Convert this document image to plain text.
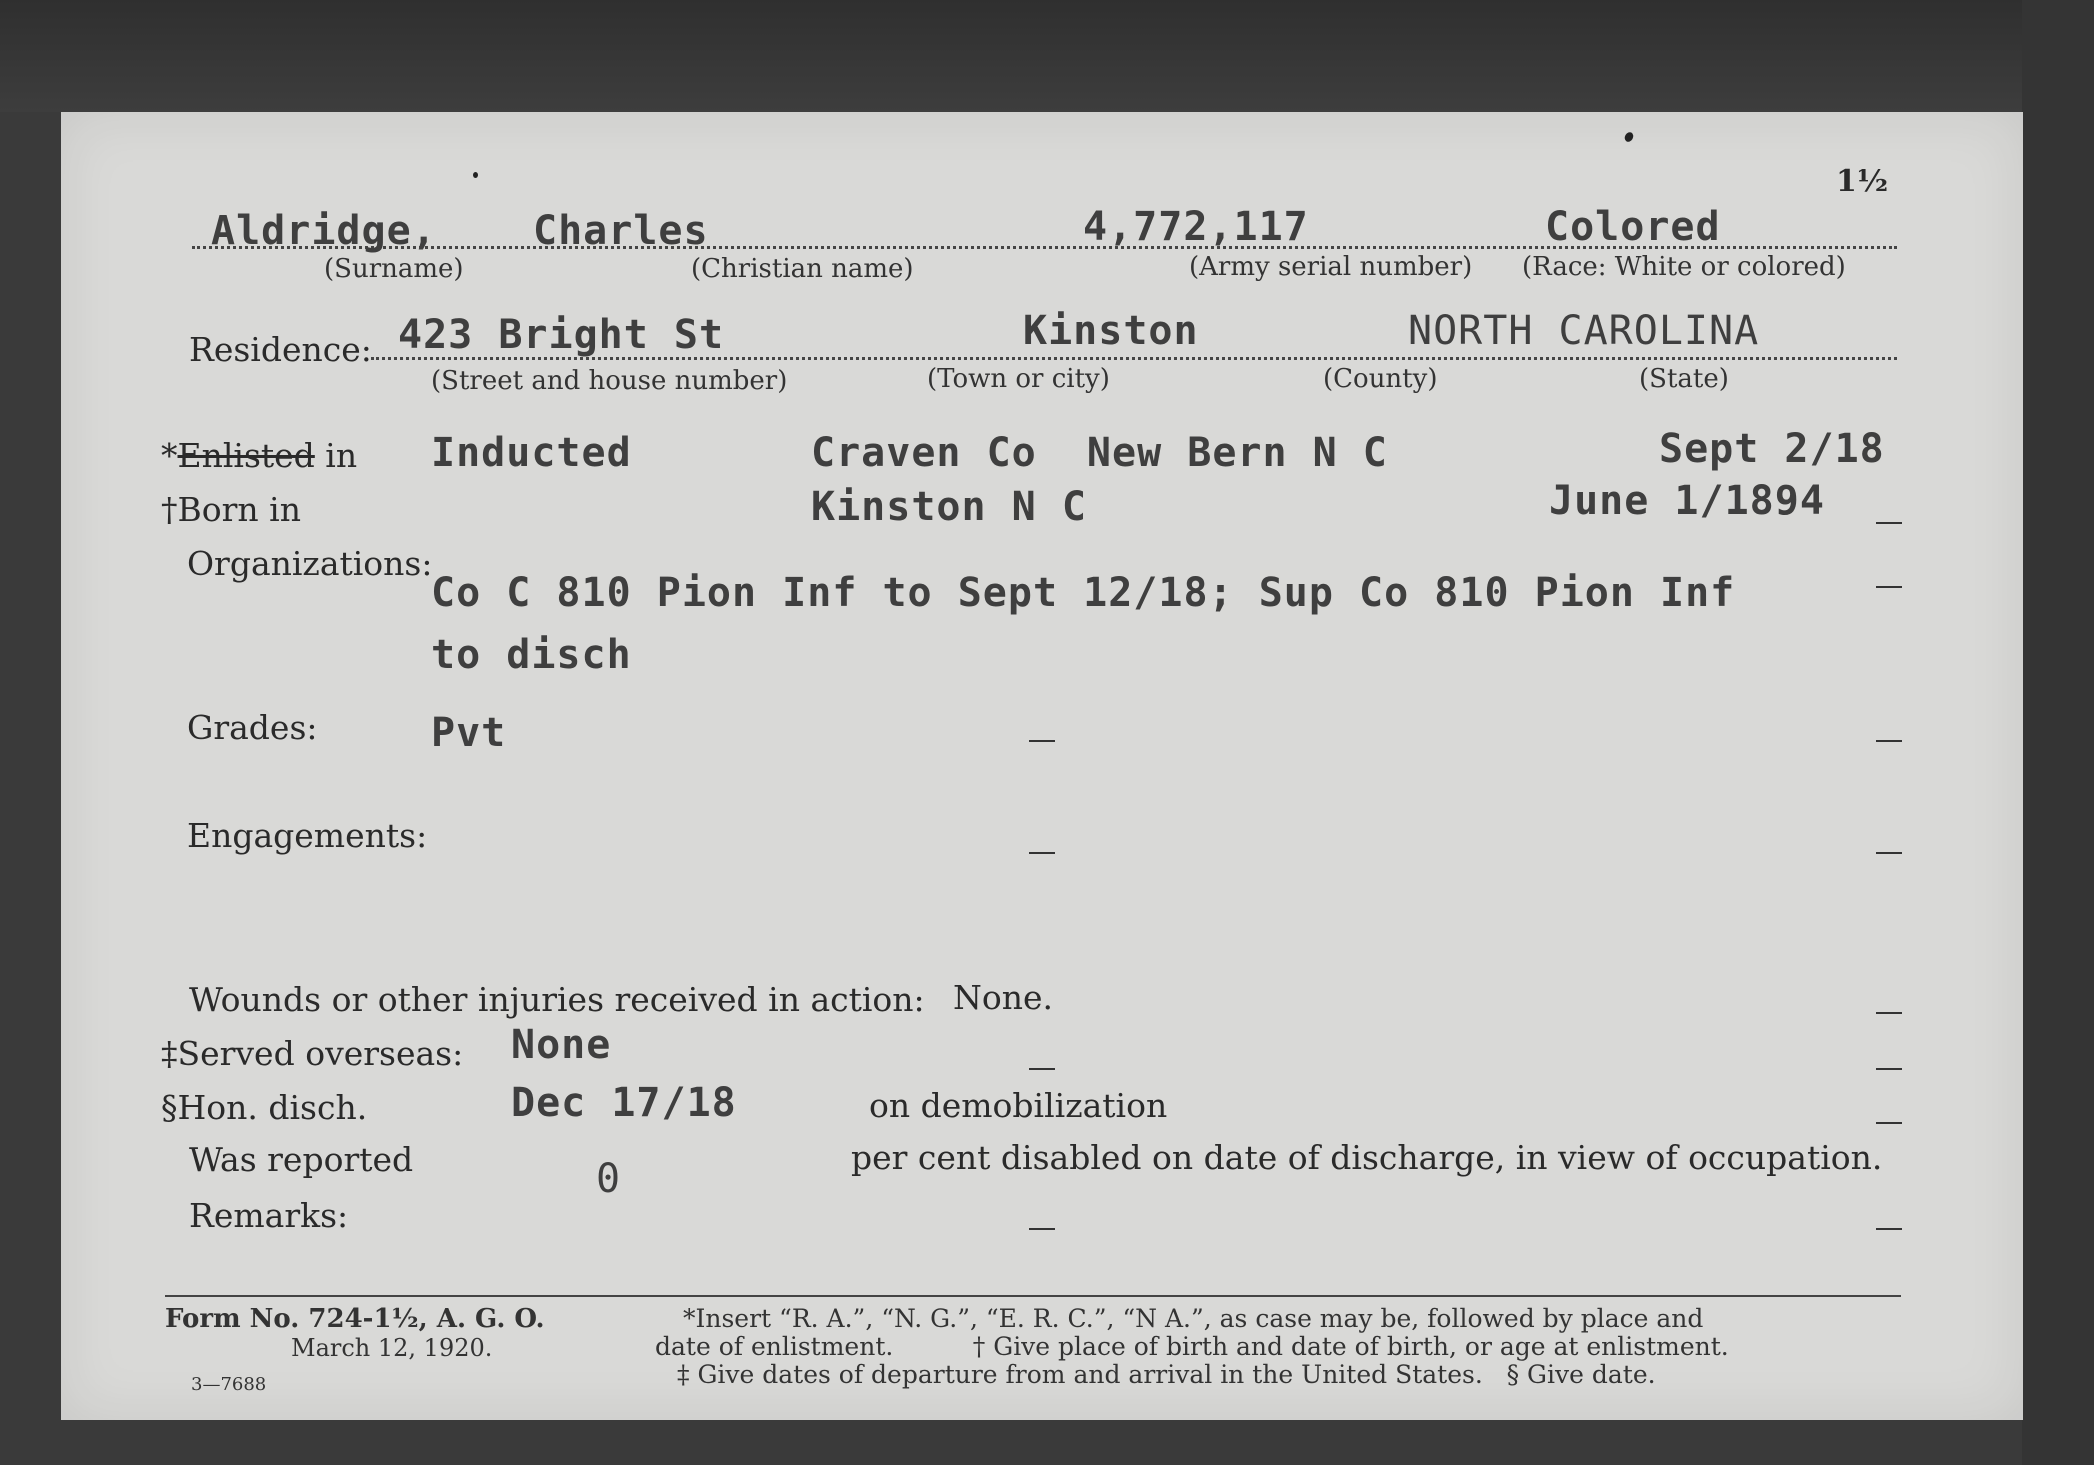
1½
Aldridge, Charles	4,772,117	Colored
(Surname)	(Christian name)	(Army serial number) (Race: White or colored)
Residence: 423 Bright St	Kinston	NORTH CAROLINA
(Street and house number)	(Town or city)	(County)	(State)
*Enlisted in Inducted	Craven Co  New Bern N C	Sept 2/18
†Born in	Kinston N C	June 1/1894
Organizations:
Co C 810 Pion Inf to Sept 12/18; Sup Co 810 Pion Inf
to disch
Grades:	Pvt
Engagements:
Wounds or other injuries received in action: None.
‡Served overseas: None
§Hon. disch.	Dec 17/18	on demobilization
Was reported	0	per cent disabled on date of discharge, in view of occupation.
Remarks:
Form No. 724-1½, A. G. O.
March 12, 1920.
3—7688
*Insert “R. A.”, “N. G.”, “E. R. C.”, “N A.”, as case may be, followed by place and
date of enlistment.          † Give place of birth and date of birth, or age at enlistment.
‡ Give dates of departure from and arrival in the United States.   § Give date.
